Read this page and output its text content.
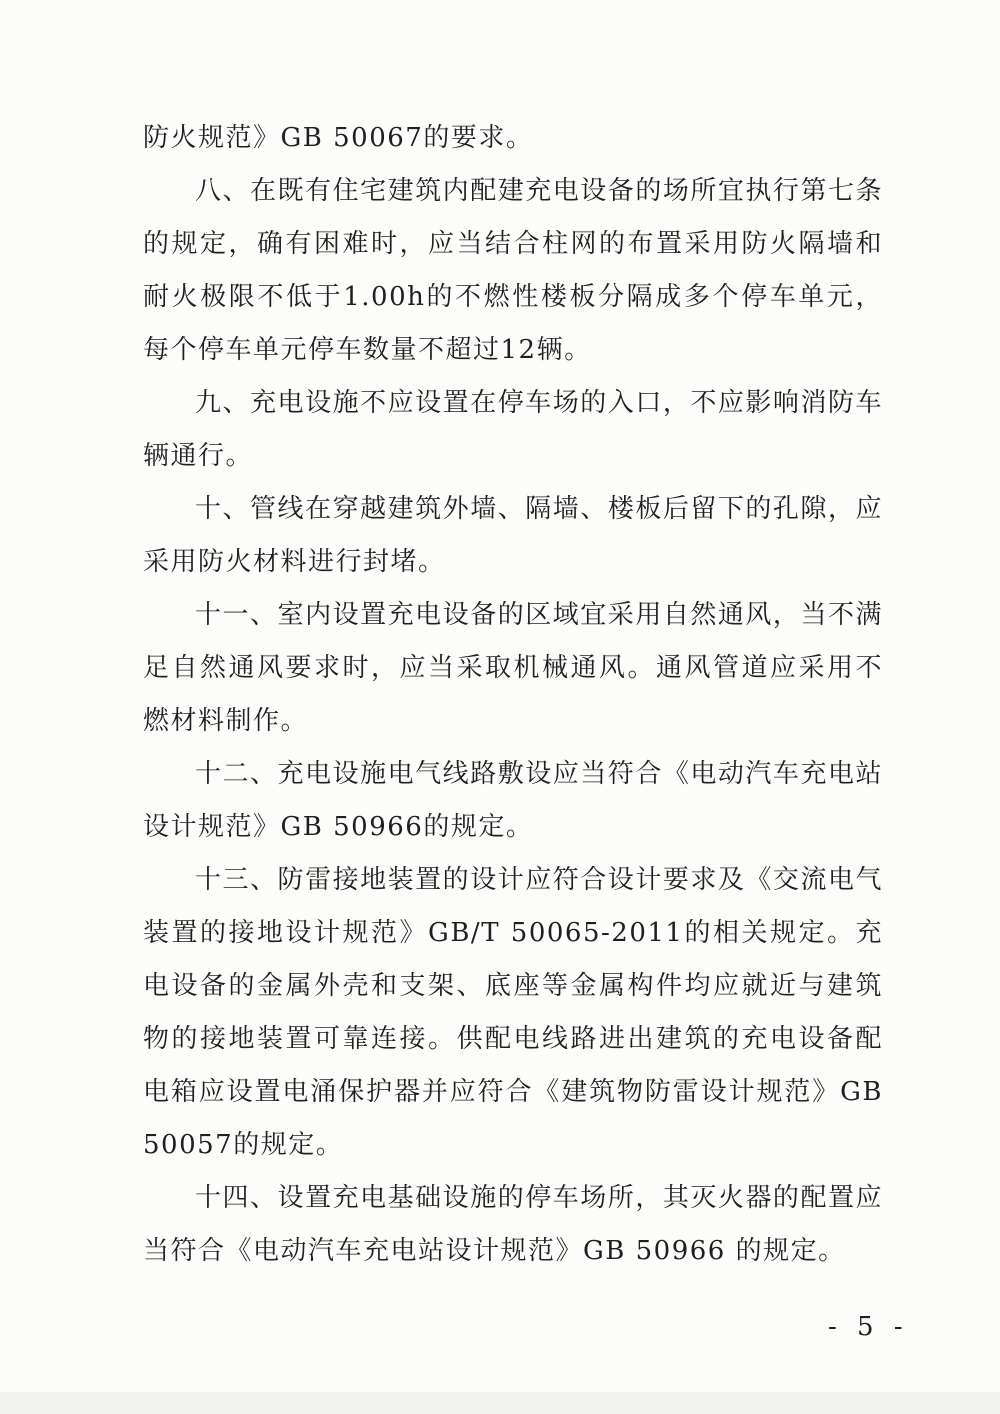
防火规范》GB 50067的要求。

八、在既有住宅建筑内配建充电设备的场所宜执行第七条的规定，确有困难时，应当结合柱网的布置采用防火隔墙和耐火极限不低于1.00h的不燃性楼板分隔成多个停车单元，每个停车单元停车数量不超过12辆。

九、充电设施不应设置在停车场的入口，不应影响消防车辆通行。

十、管线在穿越建筑外墙、隔墙、楼板后留下的孔隙，应采用防火材料进行封堵。

十一、室内设置充电设备的区域宜采用自然通风，当不满足自然通风要求时，应当采取机械通风。通风管道应采用不燃材料制作。

十二、充电设施电气线路敷设应当符合《电动汽车充电站设计规范》GB 50966的规定。

十三、防雷接地装置的设计应符合设计要求及《交流电气装置的接地设计规范》GB/T 50065-2011的相关规定。充电设备的金属外壳和支架、底座等金属构件均应就近与建筑物的接地装置可靠连接。供配电线路进出建筑的充电设备配电箱应设置电涌保护器并应符合《建筑物防雷设计规范》GB 50057的规定。

十四、设置充电基础设施的停车场所，其灭火器的配置应当符合《电动汽车充电站设计规范》GB 50966 的规定。

- 5 -
